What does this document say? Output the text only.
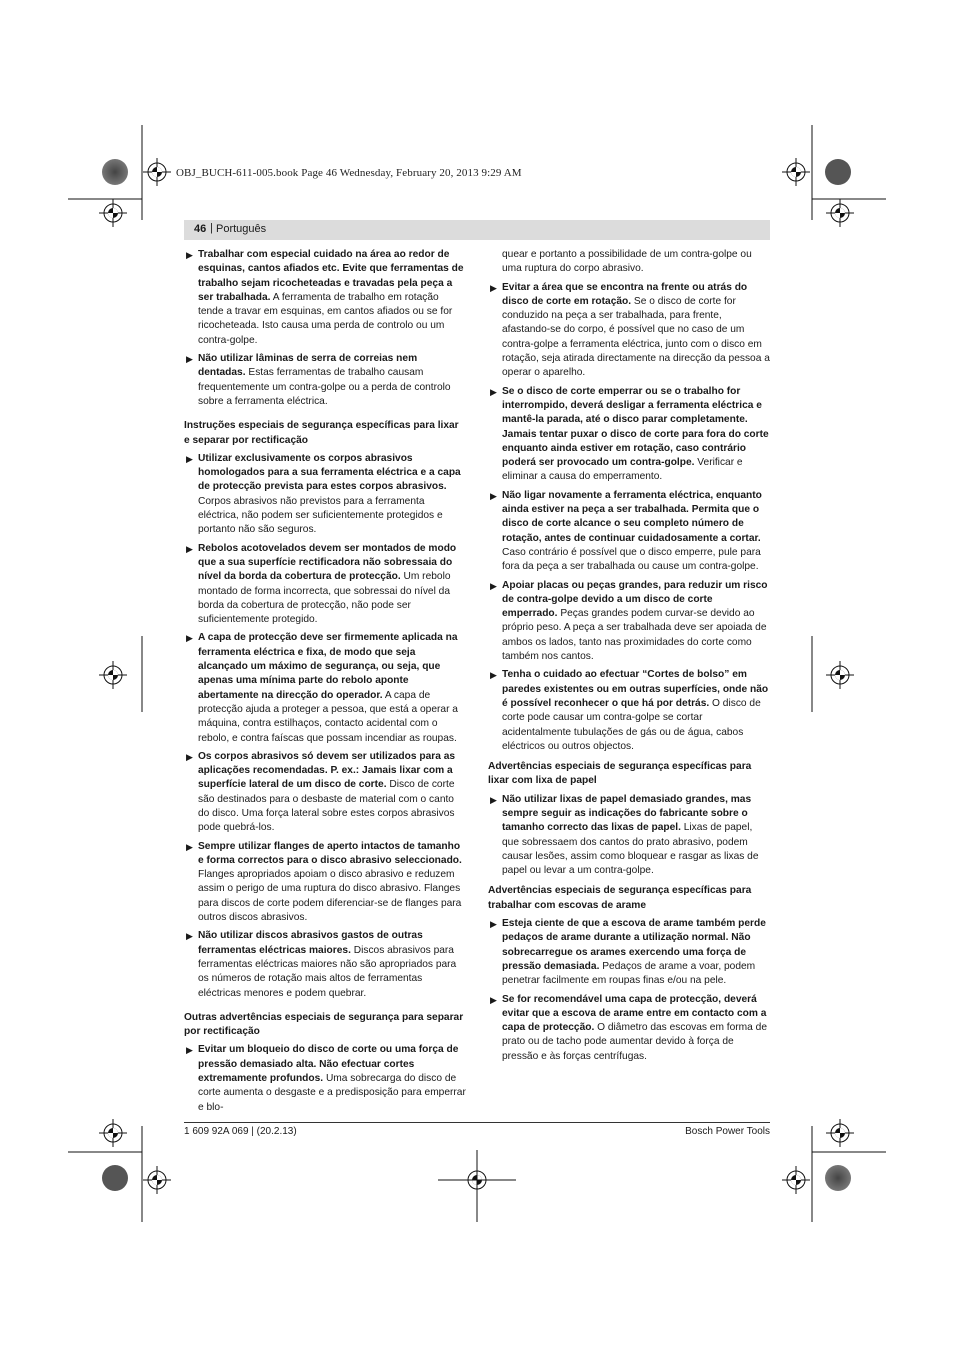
OBJ_BUCH-611-005.book Page 46 Wednesday, February 20, 2013 9:29 AM
46 | Português
▶ Trabalhar com especial cuidado na área ao redor de esquinas, cantos afiados etc. Evite que ferramentas de trabalho sejam ricocheteadas e travadas pela peça a ser trabalhada. A ferramenta de trabalho em rotação tende a travar em esquinas, em cantos afiados ou se for ricocheteada. Isto causa uma perda de controlo ou um contra-golpe.
▶ Não utilizar lâminas de serra de correias nem dentadas. Estas ferramentas de trabalho causam frequentemente um contra-golpe ou a perda de controlo sobre a ferramenta eléctrica.
Instruções especiais de segurança específicas para lixar e separar por rectificação
▶ Utilizar exclusivamente os corpos abrasivos homologados para a sua ferramenta eléctrica e a capa de protecção prevista para estes corpos abrasivos. Corpos abrasivos não previstos para a ferramenta eléctrica, não podem ser suficientemente protegidos e portanto não são seguros.
▶ Rebolos acotovelados devem ser montados de modo que a sua superfície rectificadora não sobressaia do nível da borda da cobertura de protecção. Um rebolo montado de forma incorrecta, que sobressai do nível da borda da cobertura de protecção, não pode ser suficientemente protegido.
▶ A capa de protecção deve ser firmemente aplicada na ferramenta eléctrica e fixa, de modo que seja alcançado um máximo de segurança, ou seja, que apenas uma mínima parte do rebolo aponte abertamente na direcção do operador. A capa de protecção ajuda a proteger a pessoa, que está a operar a máquina, contra estilhaços, contacto acidental com o rebolo, e contra faíscas que possam incendiar as roupas.
▶ Os corpos abrasivos só devem ser utilizados para as aplicações recomendadas. P. ex.: Jamais lixar com a superfície lateral de um disco de corte. Disco de corte são destinados para o desbaste de material com o canto do disco. Uma força lateral sobre estes corpos abrasivos pode quebrá-los.
▶ Sempre utilizar flanges de aperto intactos de tamanho e forma correctos para o disco abrasivo seleccionado. Flanges apropriados apoiam o disco abrasivo e reduzem assim o perigo de uma ruptura do disco abrasivo. Flanges para discos de corte podem diferenciar-se de flanges para outros discos abrasivos.
▶ Não utilizar discos abrasivos gastos de outras ferramentas eléctricas maiores. Discos abrasivos para ferramentas eléctricas maiores não são apropriados para os números de rotação mais altos de ferramentas eléctricas menores e podem quebrar.
Outras advertências especiais de segurança para separar por rectificação
▶ Evitar um bloqueio do disco de corte ou uma força de pressão demasiado alta. Não efectuar cortes extremamente profundos. Uma sobrecarga do disco de corte aumenta o desgaste e a predisposição para emperrar e blo-
quear e portanto a possibilidade de um contra-golpe ou uma ruptura do corpo abrasivo.
▶ Evitar a área que se encontra na frente ou atrás do disco de corte em rotação. Se o disco de corte for conduzido na peça a ser trabalhada, para frente, afastando-se do corpo, é possível que no caso de um contra-golpe a ferramenta eléctrica, junto com o disco em rotação, seja atirada directamente na direcção da pessoa a operar o aparelho.
▶ Se o disco de corte emperrar ou se o trabalho for interrompido, deverá desligar a ferramenta eléctrica e mantê-la parada, até o disco parar completamente. Jamais tentar puxar o disco de corte para fora do corte enquanto ainda estiver em rotação, caso contrário poderá ser provocado um contra-golpe. Verificar e eliminar a causa do emperramento.
▶ Não ligar novamente a ferramenta eléctrica, enquanto ainda estiver na peça a ser trabalhada. Permita que o disco de corte alcance o seu completo número de rotação, antes de continuar cuidadosamente a cortar. Caso contrário é possível que o disco emperre, pule para fora da peça a ser trabalhada ou cause um contra-golpe.
▶ Apoiar placas ou peças grandes, para reduzir um risco de contra-golpe devido a um disco de corte emperrado. Peças grandes podem curvar-se devido ao próprio peso. A peça a ser trabalhada deve ser apoiada de ambos os lados, tanto nas proximidades do corte como também nos cantos.
▶ Tenha o cuidado ao efectuar “Cortes de bolso” em paredes existentes ou em outras superfícies, onde não é possível reconhecer o que há por detrás. O disco de corte pode causar um contra-golpe se cortar acidentalmente tubulações de gás ou de água, cabos eléctricos ou outros objectos.
Advertências especiais de segurança específicas para lixar com lixa de papel
▶ Não utilizar lixas de papel demasiado grandes, mas sempre seguir as indicações do fabricante sobre o tamanho correcto das lixas de papel. Lixas de papel, que sobressaem dos cantos do prato abrasivo, podem causar lesões, assim como bloquear e rasgar as lixas de papel ou levar a um contra-golpe.
Advertências especiais de segurança específicas para trabalhar com escovas de arame
▶ Esteja ciente de que a escova de arame também perde pedaços de arame durante a utilização normal. Não sobrecarregue os arames exercendo uma força de pressão demasiada. Pedaços de arame a voar, podem penetrar facilmente em roupas finas e/ou na pele.
▶ Se for recomendável uma capa de protecção, deverá evitar que a escova de arame entre em contacto com a capa de protecção. O diâmetro das escovas em forma de prato ou de tacho pode aumentar devido à força de pressão e às forças centrífugas.
1 609 92A 069 | (20.2.13)	Bosch Power Tools
